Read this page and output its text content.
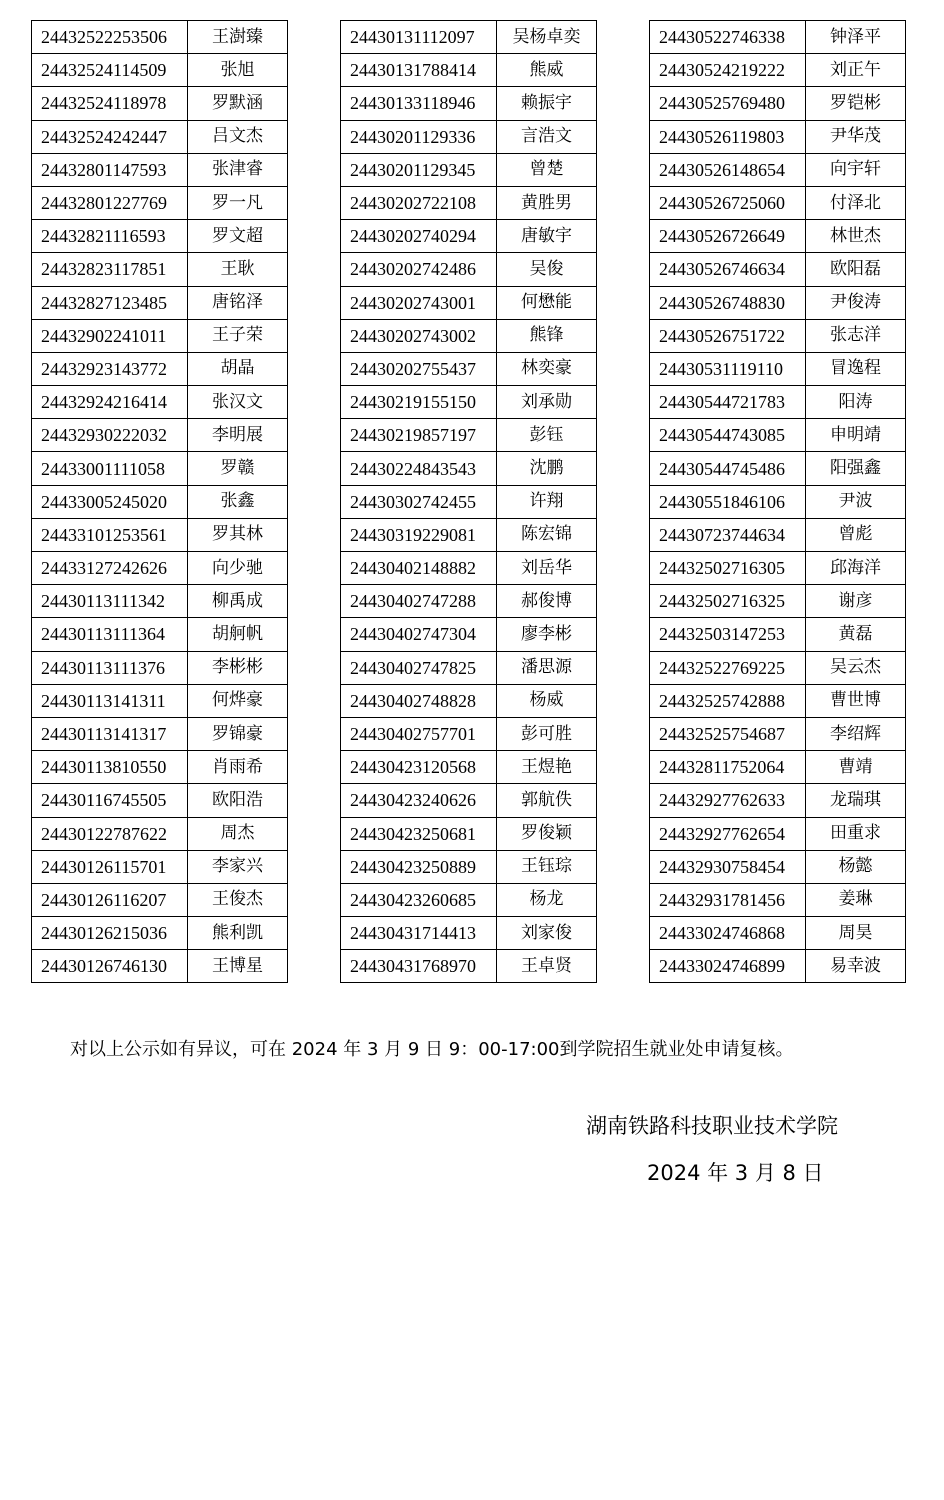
24432522253506	王澍臻
24432524114509	张旭
24432524118978	罗默涵
24432524242447	吕文杰
24432801147593	张津睿
24432801227769	罗一凡
24432821116593	罗文超
24432823117851	王耿
24432827123485	唐铭泽
24432902241011	王子荣
24432923143772	胡晶
24432924216414	张汉文
24432930222032	李明展
24433001111058	罗赣
24433005245020	张鑫
24433101253561	罗其林
24433127242626	向少驰
24430113111342	柳禹成
24430113111364	胡舸帆
24430113111376	李彬彬
24430113141311	何烨豪
24430113141317	罗锦豪
24430113810550	肖雨希
24430116745505	欧阳浩
24430122787622	周杰
24430126115701	李家兴
24430126116207	王俊杰
24430126215036	熊利凯
24430126746130	王博星
24430131112097	吴杨卓奕
24430131788414	熊威
24430133118946	赖振宇
24430201129336	言浩文
24430201129345	曾楚
24430202722108	黄胜男
24430202740294	唐敏宇
24430202742486	吴俊
24430202743001	何懋能
24430202743002	熊锋
24430202755437	林奕豪
24430219155150	刘承勋
24430219857197	彭钰
24430224843543	沈鹏
24430302742455	许翔
24430319229081	陈宏锦
24430402148882	刘岳华
24430402747288	郝俊博
24430402747304	廖李彬
24430402747825	潘思源
24430402748828	杨威
24430402757701	彭可胜
24430423120568	王煜艳
24430423240626	郭航佚
24430423250681	罗俊颖
24430423250889	王钰琮
24430423260685	杨龙
24430431714413	刘家俊
24430431768970	王卓贤
24430522746338	钟泽平
24430524219222	刘正午
24430525769480	罗铠彬
24430526119803	尹华茂
24430526148654	向宇轩
24430526725060	付泽北
24430526726649	林世杰
24430526746634	欧阳磊
24430526748830	尹俊涛
24430526751722	张志洋
24430531119110	冒逸程
24430544721783	阳涛
24430544743085	申明靖
24430544745486	阳强鑫
24430551846106	尹波
24430723744634	曾彪
24432502716305	邱海洋
24432502716325	谢彦
24432503147253	黄磊
24432522769225	吴云杰
24432525742888	曹世博
24432525754687	李绍辉
24432811752064	曹靖
24432927762633	龙瑞琪
24432927762654	田重求
24432930758454	杨懿
24432931781456	姜琳
24433024746868	周昊
24433024746899	易幸波
对以上公示如有异议，可在 2024 年 3 月 9 日 9：00-17:00到学院招生就业处申请复核。
湖南铁路科技职业技术学院
2024 年 3 月 8 日
